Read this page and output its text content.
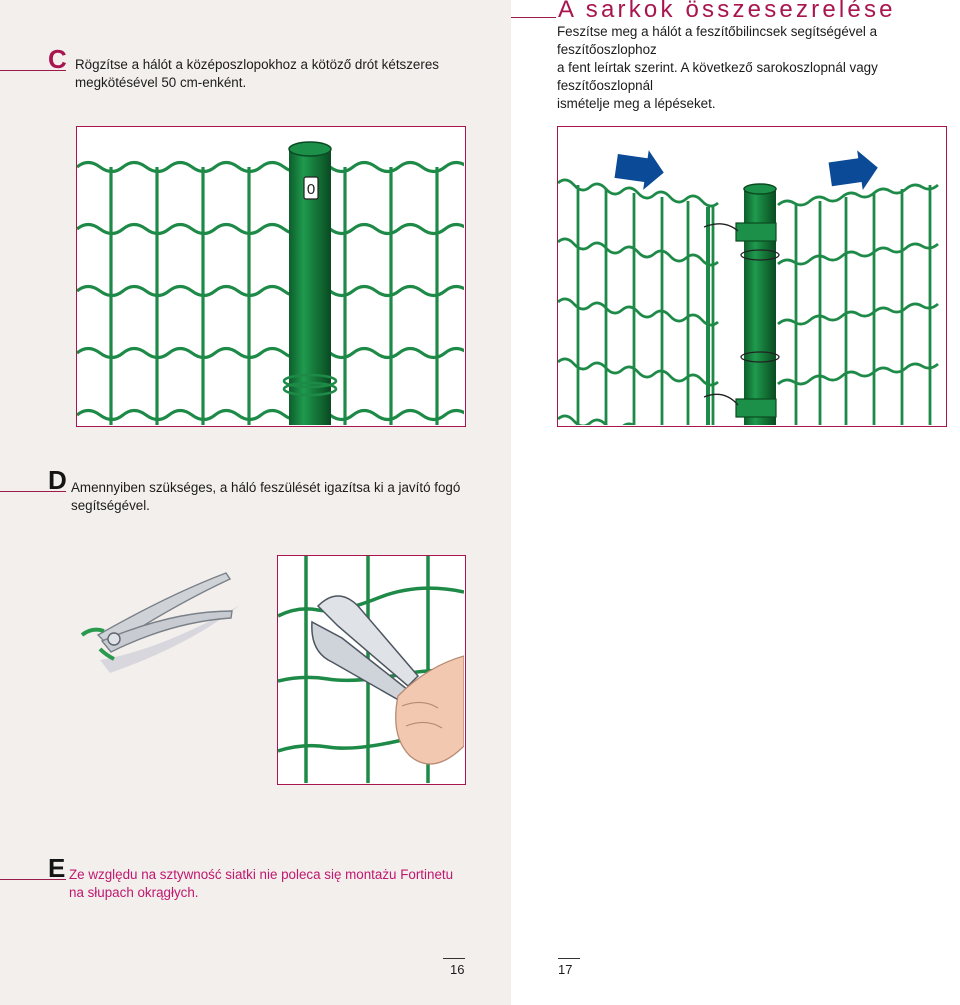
C Rögzítse a hálót a középoszlopokhoz a kötöző drót kétszeres
megkötésével 50 cm-enként.
A sarkok összesezrelése
Feszítse meg a hálót a feszítőbilincsek segítségével a feszítőoszlophoz
a fent leírtak szerint. A következő sarokoszlopnál vagy feszítőoszlopnál
ismételje meg a lépéseket.
0
D Amennyiben szükséges, a háló feszülését igazítsa ki a javító fogó
segítségével.
E Ze względu na sztywność siatki nie poleca się montażu Fortinetu
na słupach okrągłych.
16	17
